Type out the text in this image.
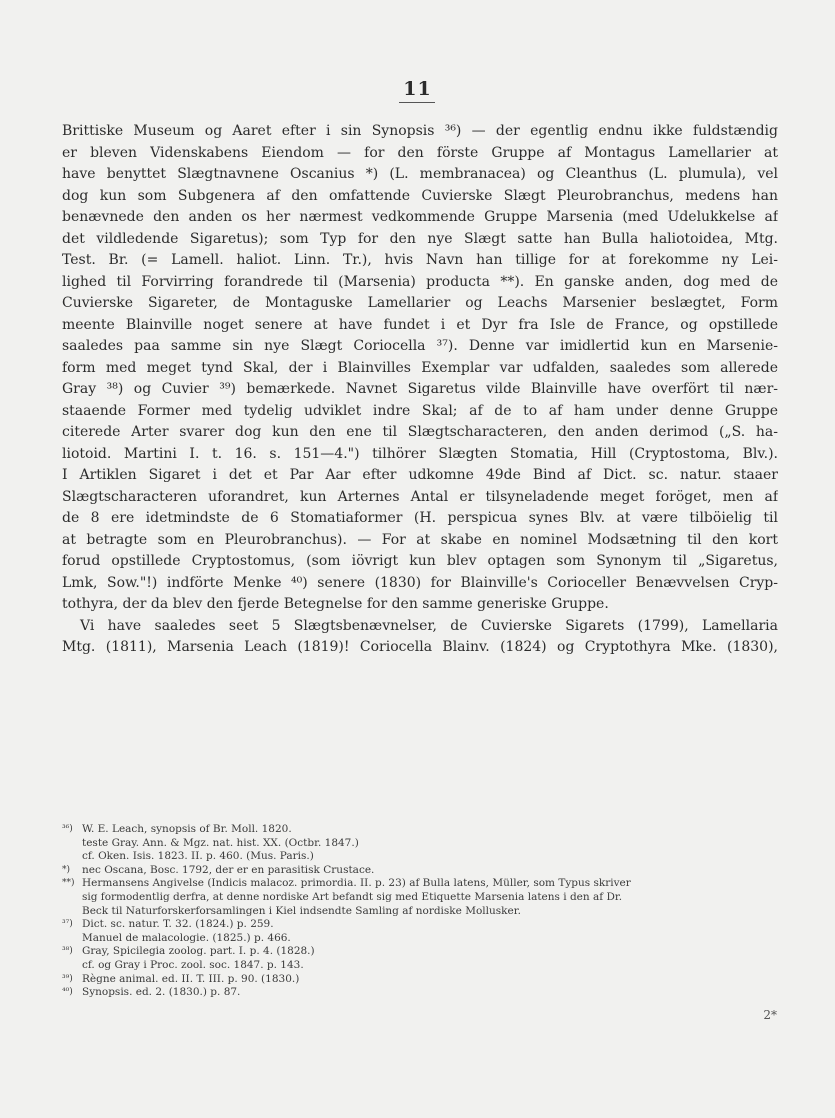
11
Brittiske Museum og Aaret efter i sin Synopsis ³⁶) — der egentlig endnu ikke fuldstændig
er bleven Videnskabens Eiendom — for den förste Gruppe af Montagus Lamellarier at
have benyttet Slægtnavnene Oscanius *) (L. membranacea) og Cleanthus (L. plumula), vel
dog kun som Subgenera af den omfattende Cuvierske Slægt Pleurobranchus, medens han
benævnede den anden os her nærmest vedkommende Gruppe Marsenia (med Udelukkelse af
det vildledende Sigaretus); som Typ for den nye Slægt satte han Bulla haliotoidea, Mtg.
Test. Br. (= Lamell. haliot. Linn. Tr.), hvis Navn han tillige for at forekomme ny Lei-
lighed til Forvirring forandrede til (Marsenia) producta **). En ganske anden, dog med de
Cuvierske Sigareter, de Montaguske Lamellarier og Leachs Marsenier beslægtet, Form
meente Blainville noget senere at have fundet i et Dyr fra Isle de France, og opstillede
saaledes paa samme sin nye Slægt Coriocella ³⁷). Denne var imidlertid kun en Marsenie-
form med meget tynd Skal, der i Blainvilles Exemplar var udfalden, saaledes som allerede
Gray ³⁸) og Cuvier ³⁹) bemærkede. Navnet Sigaretus vilde Blainville have overfört til nær-
staaende Former med tydelig udviklet indre Skal; af de to af ham under denne Gruppe
citerede Arter svarer dog kun den ene til Slægtscharacteren, den anden derimod („S. ha-
liotoid. Martini I. t. 16. s. 151—4.") tilhörer Slægten Stomatia, Hill (Cryptostoma, Blv.).
I Artiklen Sigaret i det et Par Aar efter udkomne 49de Bind af Dict. sc. natur. staaer
Slægtscharacteren uforandret, kun Arternes Antal er tilsyneladende meget foröget, men af
de 8 ere idetmindste de 6 Stomatiaformer (H. perspicua synes Blv. at være tilböielig til
at betragte som en Pleurobranchus). — For at skabe en nominel Modsætning til den kort
forud opstillede Cryptostomus, (som iövrigt kun blev optagen som Synonym til „Sigaretus,
Lmk, Sow."!) indförte Menke ⁴⁰) senere (1830) for Blainville's Corioceller Benævvelsen Cryp-
tothyra, der da blev den fjerde Betegnelse for den samme generiske Gruppe.
Vi have saaledes seet 5 Slægtsbenævnelser, de Cuvierske Sigarets (1799), Lamellaria
Mtg. (1811), Marsenia Leach (1819)! Coriocella Blainv. (1824) og Cryptothyra Mke. (1830),
³⁶) W. E. Leach, synopsis of Br. Moll. 1820.
teste Gray. Ann. & Mgz. nat. hist. XX. (Octbr. 1847.)
cf. Oken. Isis. 1823. II. p. 460. (Mus. Paris.)
*) nec Oscana, Bosc. 1792, der er en parasitisk Crustace.
**) Hermansens Angivelse (Indicis malacoz. primordia. II. p. 23) af Bulla latens, Müller, som Typus skriver
sig formodentlig derfra, at denne nordiske Art befandt sig med Etiquette Marsenia latens i den af Dr.
Beck til Naturforskerforsamlingen i Kiel indsendte Samling af nordiske Mollusker.
³⁷) Dict. sc. natur. T. 32. (1824.) p. 259.
Manuel de malacologie. (1825.) p. 466.
³⁸) Gray, Spicilegia zoolog. part. I. p. 4. (1828.)
cf. og Gray i Proc. zool. soc. 1847. p. 143.
³⁹) Règne animal. ed. II. T. III. p. 90. (1830.)
⁴⁰) Synopsis. ed. 2. (1830.) p. 87.
2*
